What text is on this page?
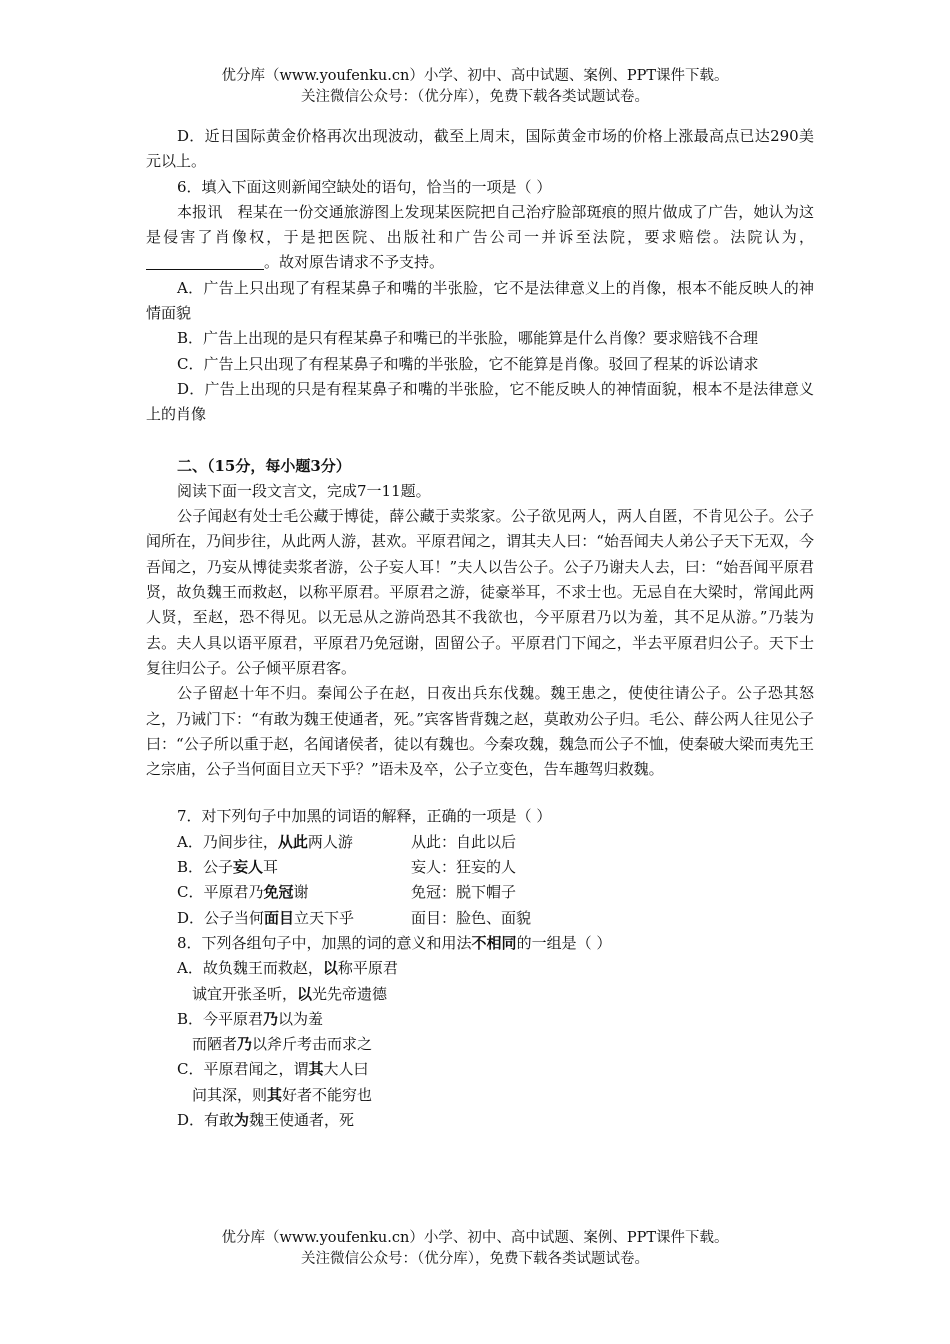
优分库（www.youfenku.cn）小学、初中、高中试题、案例、PPT课件下载。
关注微信公众号：（优分库），免费下载各类试题试卷。

D．近日国际黄金价格再次出现波动，截至上周末，国际黄金市场的价格上涨最高点已达290美元以上。

6．填入下面这则新闻空缺处的语句，恰当的一项是（ ）

本报讯　程某在一份交通旅游图上发现某医院把自己治疗脸部斑痕的照片做成了广告，她认为这是侵害了肖像权，于是把医院、出版社和广告公司一并诉至法院，要求赔偿。法院认为，。故对原告请求不予支持。

A．广告上只出现了有程某鼻子和嘴的半张脸，它不是法律意义上的肖像，根本不能反映人的神情面貌

B．广告上出现的是只有程某鼻子和嘴已的半张脸，哪能算是什么肖像？要求赔钱不合理

C．广告上只出现了有程某鼻子和嘴的半张脸，它不能算是肖像。驳回了程某的诉讼请求

D．广告上出现的只是有程某鼻子和嘴的半张脸，它不能反映人的神情面貌，根本不是法律意义上的肖像

二、（15分，每小题3分）

阅读下面一段文言文，完成7一11题。

公子闻赵有处士毛公藏于博徒，薛公藏于卖浆家。公子欲见两人，两人自匿，不肯见公子。公子闻所在，乃间步往，从此两人游，甚欢。平原君闻之，谓其夫人曰：“始吾闻夫人弟公子天下无双，今吾闻之，乃妄从博徒卖浆者游，公子妄人耳！”夫人以告公子。公子乃谢夫人去，曰：“始吾闻平原君贤，故负魏王而救赵，以称平原君。平原君之游，徒豪举耳，不求士也。无忌自在大梁时，常闻此两人贤，至赵，恐不得见。以无忌从之游尚恐其不我欲也，今平原君乃以为羞，其不足从游。”乃装为去。夫人具以语平原君，平原君乃免冠谢，固留公子。平原君门下闻之，半去平原君归公子。天下士复往归公子。公子倾平原君客。

公子留赵十年不归。秦闻公子在赵，日夜出兵东伐魏。魏王患之，使使往请公子。公子恐其怒之，乃诫门下：“有敢为魏王使通者，死。”宾客皆背魏之赵，莫敢劝公子归。毛公、薛公两人往见公子曰：“公子所以重于赵，名闻诸侯者，徒以有魏也。今秦攻魏，魏急而公子不恤，使秦破大梁而夷先王之宗庙，公子当何面目立天下乎？”语未及卒，公子立变色，告车趣驾归救魏。

7．对下列句子中加黑的词语的解释，正确的一项是（ ）

A．乃间步往，从此两人游	从此：自此以后
B．公子妄人耳	妄人：狂妄的人
C．平原君乃免冠谢	免冠：脱下帽子
D．公子当何面目立天下乎	面目：脸色、面貌

8．下列各组句子中，加黑的词的意义和用法不相同的一组是（ ）

A．故负魏王而救赵，以称平原君

诚宜开张圣听，以光先帝遗德

B．今平原君乃以为羞

而陋者乃以斧斤考击而求之

C．平原君闻之，谓其大人曰

问其深，则其好者不能穷也

D．有敢为魏王使通者，死

优分库（www.youfenku.cn）小学、初中、高中试题、案例、PPT课件下载。
关注微信公众号：（优分库），免费下载各类试题试卷。
